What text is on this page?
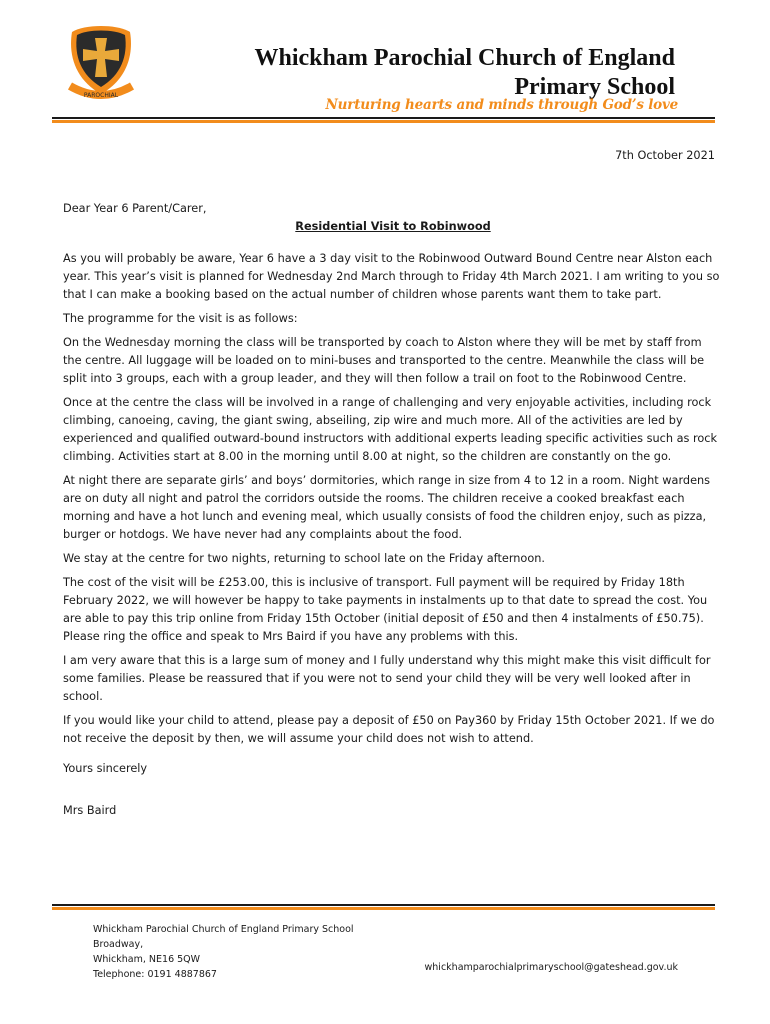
PAROCHIAL
Whickham Parochial Church of England
Primary School
Nurturing hearts and minds through God’s love
7th October 2021

Dear Year 6 Parent/Carer,

Residential Visit to Robinwood

As you will probably be aware, Year 6 have a 3 day visit to the Robinwood Outward Bound Centre near Alston each year. This year’s visit is planned for Wednesday 2nd March through to Friday 4th March 2021. I am writing to you so that I can make a booking based on the actual number of children whose parents want them to take part.

The programme for the visit is as follows:

On the Wednesday morning the class will be transported by coach to Alston where they will be met by staff from the centre. All luggage will be loaded on to mini-buses and transported to the centre. Meanwhile the class will be split into 3 groups, each with a group leader, and they will then follow a trail on foot to the Robinwood Centre.

Once at the centre the class will be involved in a range of challenging and very enjoyable activities, including rock climbing, canoeing, caving, the giant swing, abseiling, zip wire and much more. All of the activities are led by experienced and qualified outward-bound instructors with additional experts leading specific activities such as rock climbing. Activities start at 8.00 in the morning until 8.00 at night, so the children are constantly on the go.

At night there are separate girls’ and boys’ dormitories, which range in size from 4 to 12 in a room. Night wardens are on duty all night and patrol the corridors outside the rooms. The children receive a cooked breakfast each morning and have a hot lunch and evening meal, which usually consists of food the children enjoy, such as pizza, burger or hotdogs. We have never had any complaints about the food.

We stay at the centre for two nights, returning to school late on the Friday afternoon.

The cost of the visit will be £253.00, this is inclusive of transport. Full payment will be required by Friday 18th February 2022, we will however be happy to take payments in instalments up to that date to spread the cost. You are able to pay this trip online from Friday 15th October (initial deposit of £50 and then 4 instalments of £50.75). Please ring the office and speak to Mrs Baird if you have any problems with this.

I am very aware that this is a large sum of money and I fully understand why this might make this visit difficult for some families. Please be reassured that if you were not to send your child they will be very well looked after in school.

If you would like your child to attend, please pay a deposit of £50 on Pay360 by Friday 15th October 2021. If we do not receive the deposit by then, we will assume your child does not wish to attend.

Yours sincerely

Mrs Baird

Whickham Parochial Church of England Primary School
Broadway,
Whickham, NE16 5QW
Telephone: 0191 4887867
whickhamparochialprimaryschool@gateshead.gov.uk
